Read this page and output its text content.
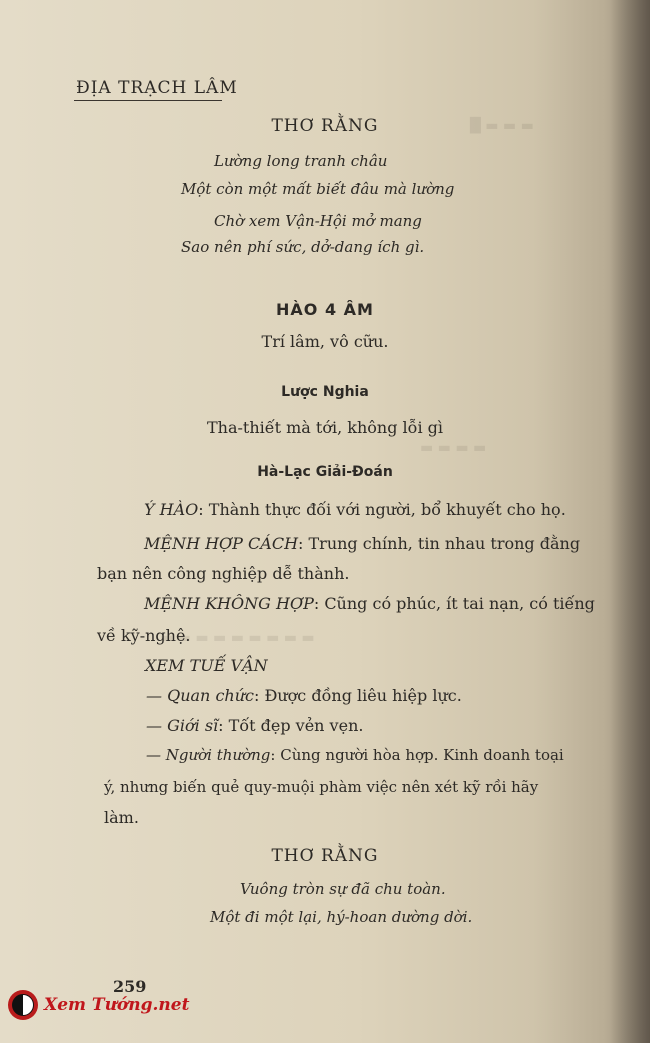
█ ▬ ▬ ▬
▬ ▬ ▬ ▬
▬ ▬ ▬ ▬ ▬ ▬ ▬ ▬ ▬
ĐỊA TRẠCH LÂM
THƠ RẰNG
Lường long tranh châu
Một còn một mất biết đâu mà lường
Chờ xem Vận-Hội mở mang
Sao nên phí sức, dở-dang ích gì.
HÀO 4 ÂM
Trí lâm, vô cữu.
Lược Nghia
Tha-thiết mà tới, không lỗi gì
Hà-Lạc Giải-Đoán
Ý HÀO: Thành thực đối với người, bổ khuyết cho họ.
MỆNH HỢP CÁCH: Trung chính, tin nhau trong đằng
bạn nên công nghiệp dễ thành.
MỆNH KHÔNG HỢP: Cũng có phúc, ít tai nạn, có tiếng
về kỹ-nghệ.
XEM TUẾ VẬN
— Quan chức: Được đồng liêu hiệp lực.
— Giới sĩ: Tốt đẹp vẻn vẹn.
— Người thường: Cùng người hòa hợp. Kinh doanh toại
ý, nhưng biến quẻ quy-muội phàm việc nên xét kỹ rồi hãy
làm.
THƠ RẰNG
Vuông tròn sự đã chu toàn.
Một đi một lại, hý-hoan dường dời.
259
Xem Tướng.net
